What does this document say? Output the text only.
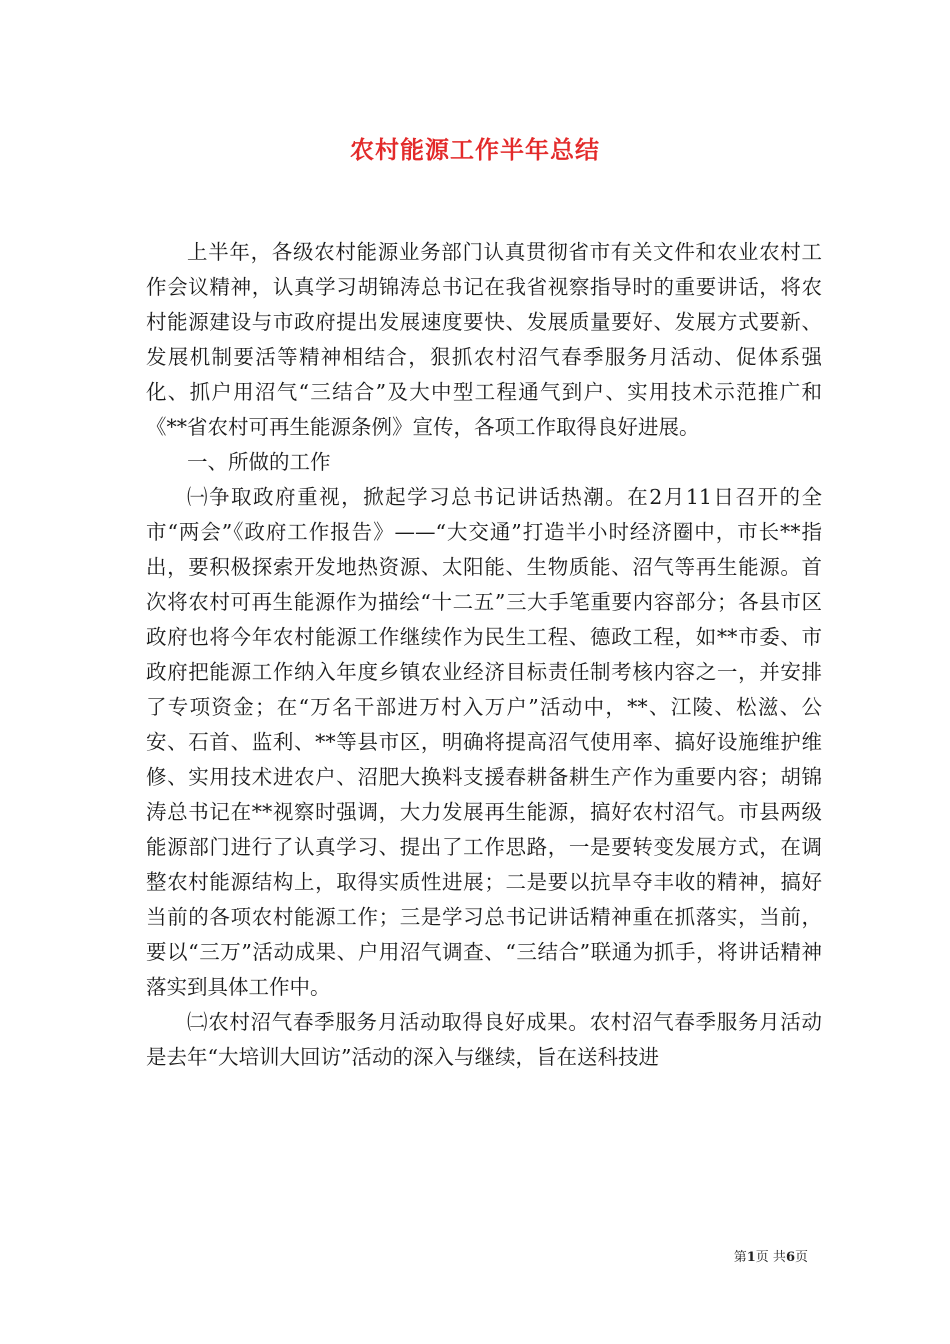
农村能源工作半年总结

上半年，各级农村能源业务部门认真贯彻省市有关文件和农业农村工作会议精神，认真学习胡锦涛总书记在我省视察指导时的重要讲话，将农村能源建设与市政府提出发展速度要快、发展质量要好、发展方式要新、发展机制要活等精神相结合，狠抓农村沼气春季服务月活动、促体系强化、抓户用沼气“三结合”及大中型工程通气到户、实用技术示范推广和《**省农村可再生能源条例》宣传，各项工作取得良好进展。

一、所做的工作

㈠争取政府重视，掀起学习总书记讲话热潮。在2月11日召开的全市“两会”《政府工作报告》——“大交通”打造半小时经济圈中，市长**指出，要积极探索开发地热资源、太阳能、生物质能、沼气等再生能源。首次将农村可再生能源作为描绘“十二五”三大手笔重要内容部分；各县市区政府也将今年农村能源工作继续作为民生工程、德政工程，如**市委、市政府把能源工作纳入年度乡镇农业经济目标责任制考核内容之一，并安排了专项资金；在“万名干部进万村入万户”活动中，**、江陵、松滋、公安、石首、监利、**等县市区，明确将提高沼气使用率、搞好设施维护维修、实用技术进农户、沼肥大换料支援春耕备耕生产作为重要内容；胡锦涛总书记在**视察时强调，大力发展再生能源，搞好农村沼气。市县两级能源部门进行了认真学习、提出了工作思路，一是要转变发展方式，在调整农村能源结构上，取得实质性进展；二是要以抗旱夺丰收的精神，搞好当前的各项农村能源工作；三是学习总书记讲话精神重在抓落实，当前，要以“三万”活动成果、户用沼气调查、“三结合”联通为抓手，将讲话精神落实到具体工作中。

㈡农村沼气春季服务月活动取得良好成果。农村沼气春季服务月活动是去年“大培训大回访”活动的深入与继续，旨在送科技进

第1页 共6页
